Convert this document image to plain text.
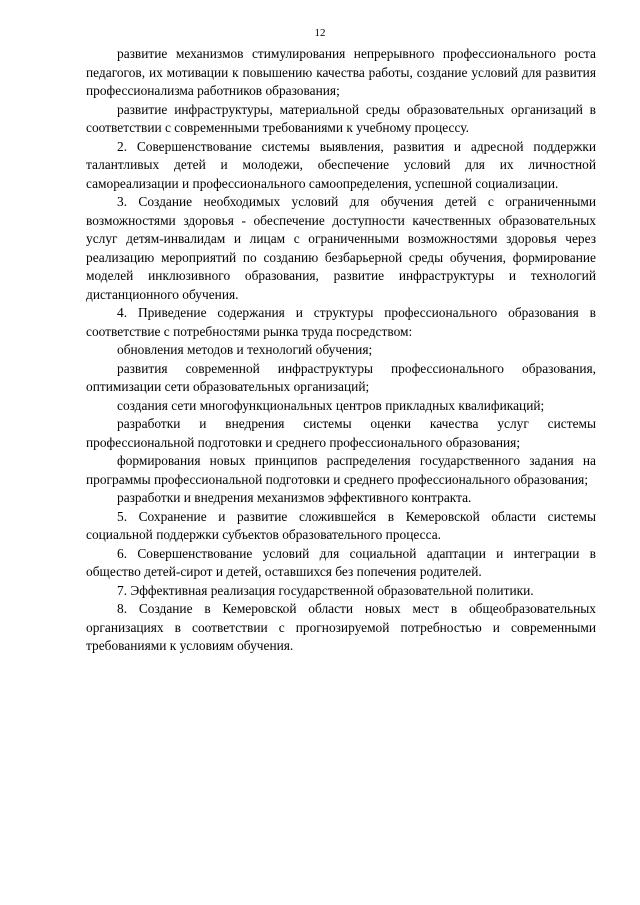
12

развитие механизмов стимулирования непрерывного профессионального роста педагогов, их мотивации к повышению качества работы, создание условий для развития профессионализма работников образования;

развитие инфраструктуры, материальной среды образовательных организаций в соответствии с современными требованиями к учебному процессу.

2. Совершенствование системы выявления, развития и адресной поддержки талантливых детей и молодежи, обеспечение условий для их личностной самореализации и профессионального самоопределения, успешной социализации.

3. Создание необходимых условий для обучения детей с ограниченными возможностями здоровья - обеспечение доступности качественных образовательных услуг детям-инвалидам и лицам с ограниченными возможностями здоровья через реализацию мероприятий по созданию безбарьерной среды обучения, формирование моделей инклюзивного образования, развитие инфраструктуры и технологий дистанционного обучения.

4. Приведение содержания и структуры профессионального образования в соответствие с потребностями рынка труда посредством:

обновления методов и технологий обучения;

развития современной инфраструктуры профессионального образования, оптимизации сети образовательных организаций;

создания сети многофункциональных центров прикладных квалификаций;

разработки и внедрения системы оценки качества услуг системы профессиональной подготовки и среднего профессионального образования;

формирования новых принципов распределения государственного задания на программы профессиональной подготовки и среднего профессионального образования;

разработки и внедрения механизмов эффективного контракта.

5. Сохранение и развитие сложившейся в Кемеровской области системы социальной поддержки субъектов образовательного процесса.

6. Совершенствование условий для социальной адаптации и интеграции в общество детей-сирот и детей, оставшихся без попечения родителей.

7. Эффективная реализация государственной образовательной политики.

8. Создание в Кемеровской области новых мест в общеобразовательных организациях в соответствии с прогнозируемой потребностью и современными требованиями к условиям обучения.
